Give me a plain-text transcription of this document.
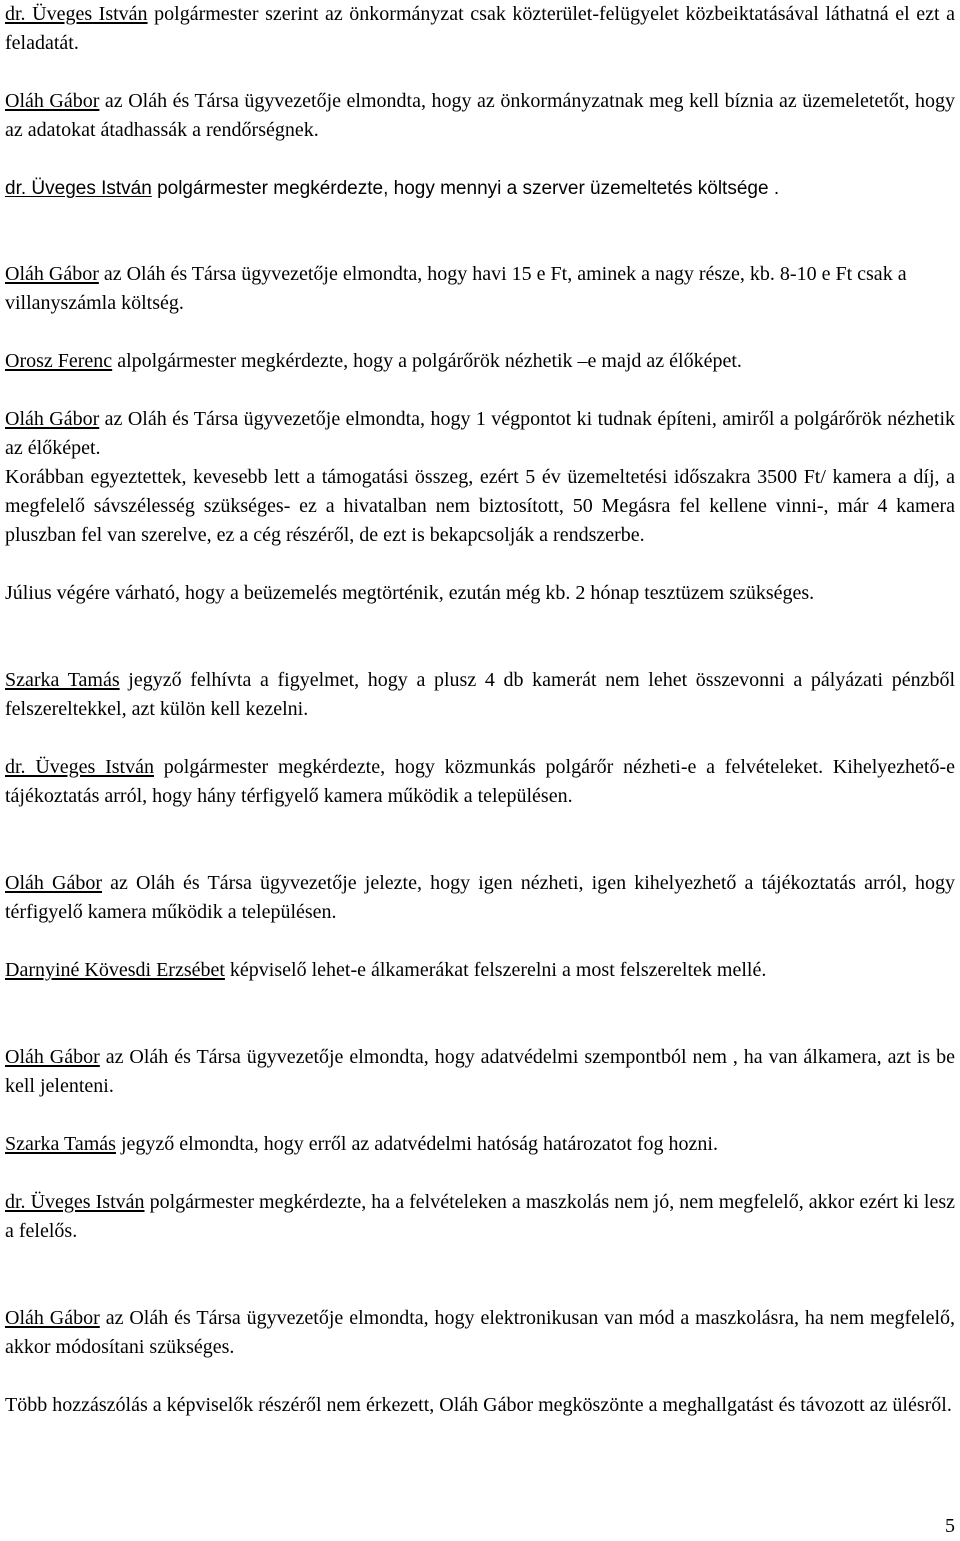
dr. Üveges István polgármester szerint az önkormányzat csak közterület-felügyelet közbeiktatásával láthatná el ezt a feladatát.

Oláh Gábor az Oláh és Társa ügyvezetője elmondta, hogy az önkormányzatnak meg kell bíznia az üzemeletetőt, hogy az adatokat átadhassák a rendőrségnek.

dr. Üveges István polgármester megkérdezte, hogy mennyi a szerver üzemeltetés költsége .

Oláh Gábor az Oláh és Társa ügyvezetője elmondta, hogy havi 15 e Ft, aminek a nagy része, kb. 8-10 e Ft csak a villanyszámla költség.

Orosz Ferenc alpolgármester megkérdezte, hogy a polgárőrök nézhetik –e majd az élőképet.

Oláh Gábor az Oláh és Társa ügyvezetője elmondta, hogy 1 végpontot ki tudnak építeni, amiről a polgárőrök nézhetik az élőképet.

Korábban egyeztettek, kevesebb lett a támogatási összeg, ezért 5 év üzemeltetési időszakra 3500 Ft/ kamera a díj, a megfelelő sávszélesség szükséges- ez a hivatalban nem biztosított, 50 Megásra fel kellene vinni-, már 4 kamera pluszban fel van szerelve, ez a cég részéről, de ezt is bekapcsolják a rendszerbe.

Július végére várható, hogy a beüzemelés megtörténik, ezután még kb. 2 hónap tesztüzem szükséges.

Szarka Tamás jegyző felhívta a figyelmet, hogy a plusz 4 db kamerát nem lehet összevonni a pályázati pénzből felszereltekkel, azt külön kell kezelni.

dr. Üveges István polgármester megkérdezte, hogy közmunkás polgárőr nézheti-e a felvételeket. Kihelyezhető-e tájékoztatás arról, hogy hány térfigyelő kamera működik a településen.

Oláh Gábor az Oláh és Társa ügyvezetője jelezte, hogy igen nézheti, igen kihelyezhető a tájékoztatás arról, hogy térfigyelő kamera működik a településen.

Darnyiné Kövesdi Erzsébet képviselő lehet-e álkamerákat felszerelni a most felszereltek mellé.

Oláh Gábor az Oláh és Társa ügyvezetője elmondta, hogy adatvédelmi szempontból nem , ha van álkamera, azt is be kell jelenteni.

Szarka Tamás jegyző elmondta, hogy erről az adatvédelmi hatóság határozatot fog hozni.

dr. Üveges István polgármester megkérdezte, ha a felvételeken a maszkolás nem jó, nem megfelelő, akkor ezért ki lesz a felelős.

Oláh Gábor az Oláh és Társa ügyvezetője elmondta, hogy elektronikusan van mód a maszkolásra, ha nem megfelelő, akkor módosítani szükséges.

Több hozzászólás a képviselők részéről nem érkezett, Oláh Gábor megköszönte a meghallgatást és távozott az ülésről.

5
